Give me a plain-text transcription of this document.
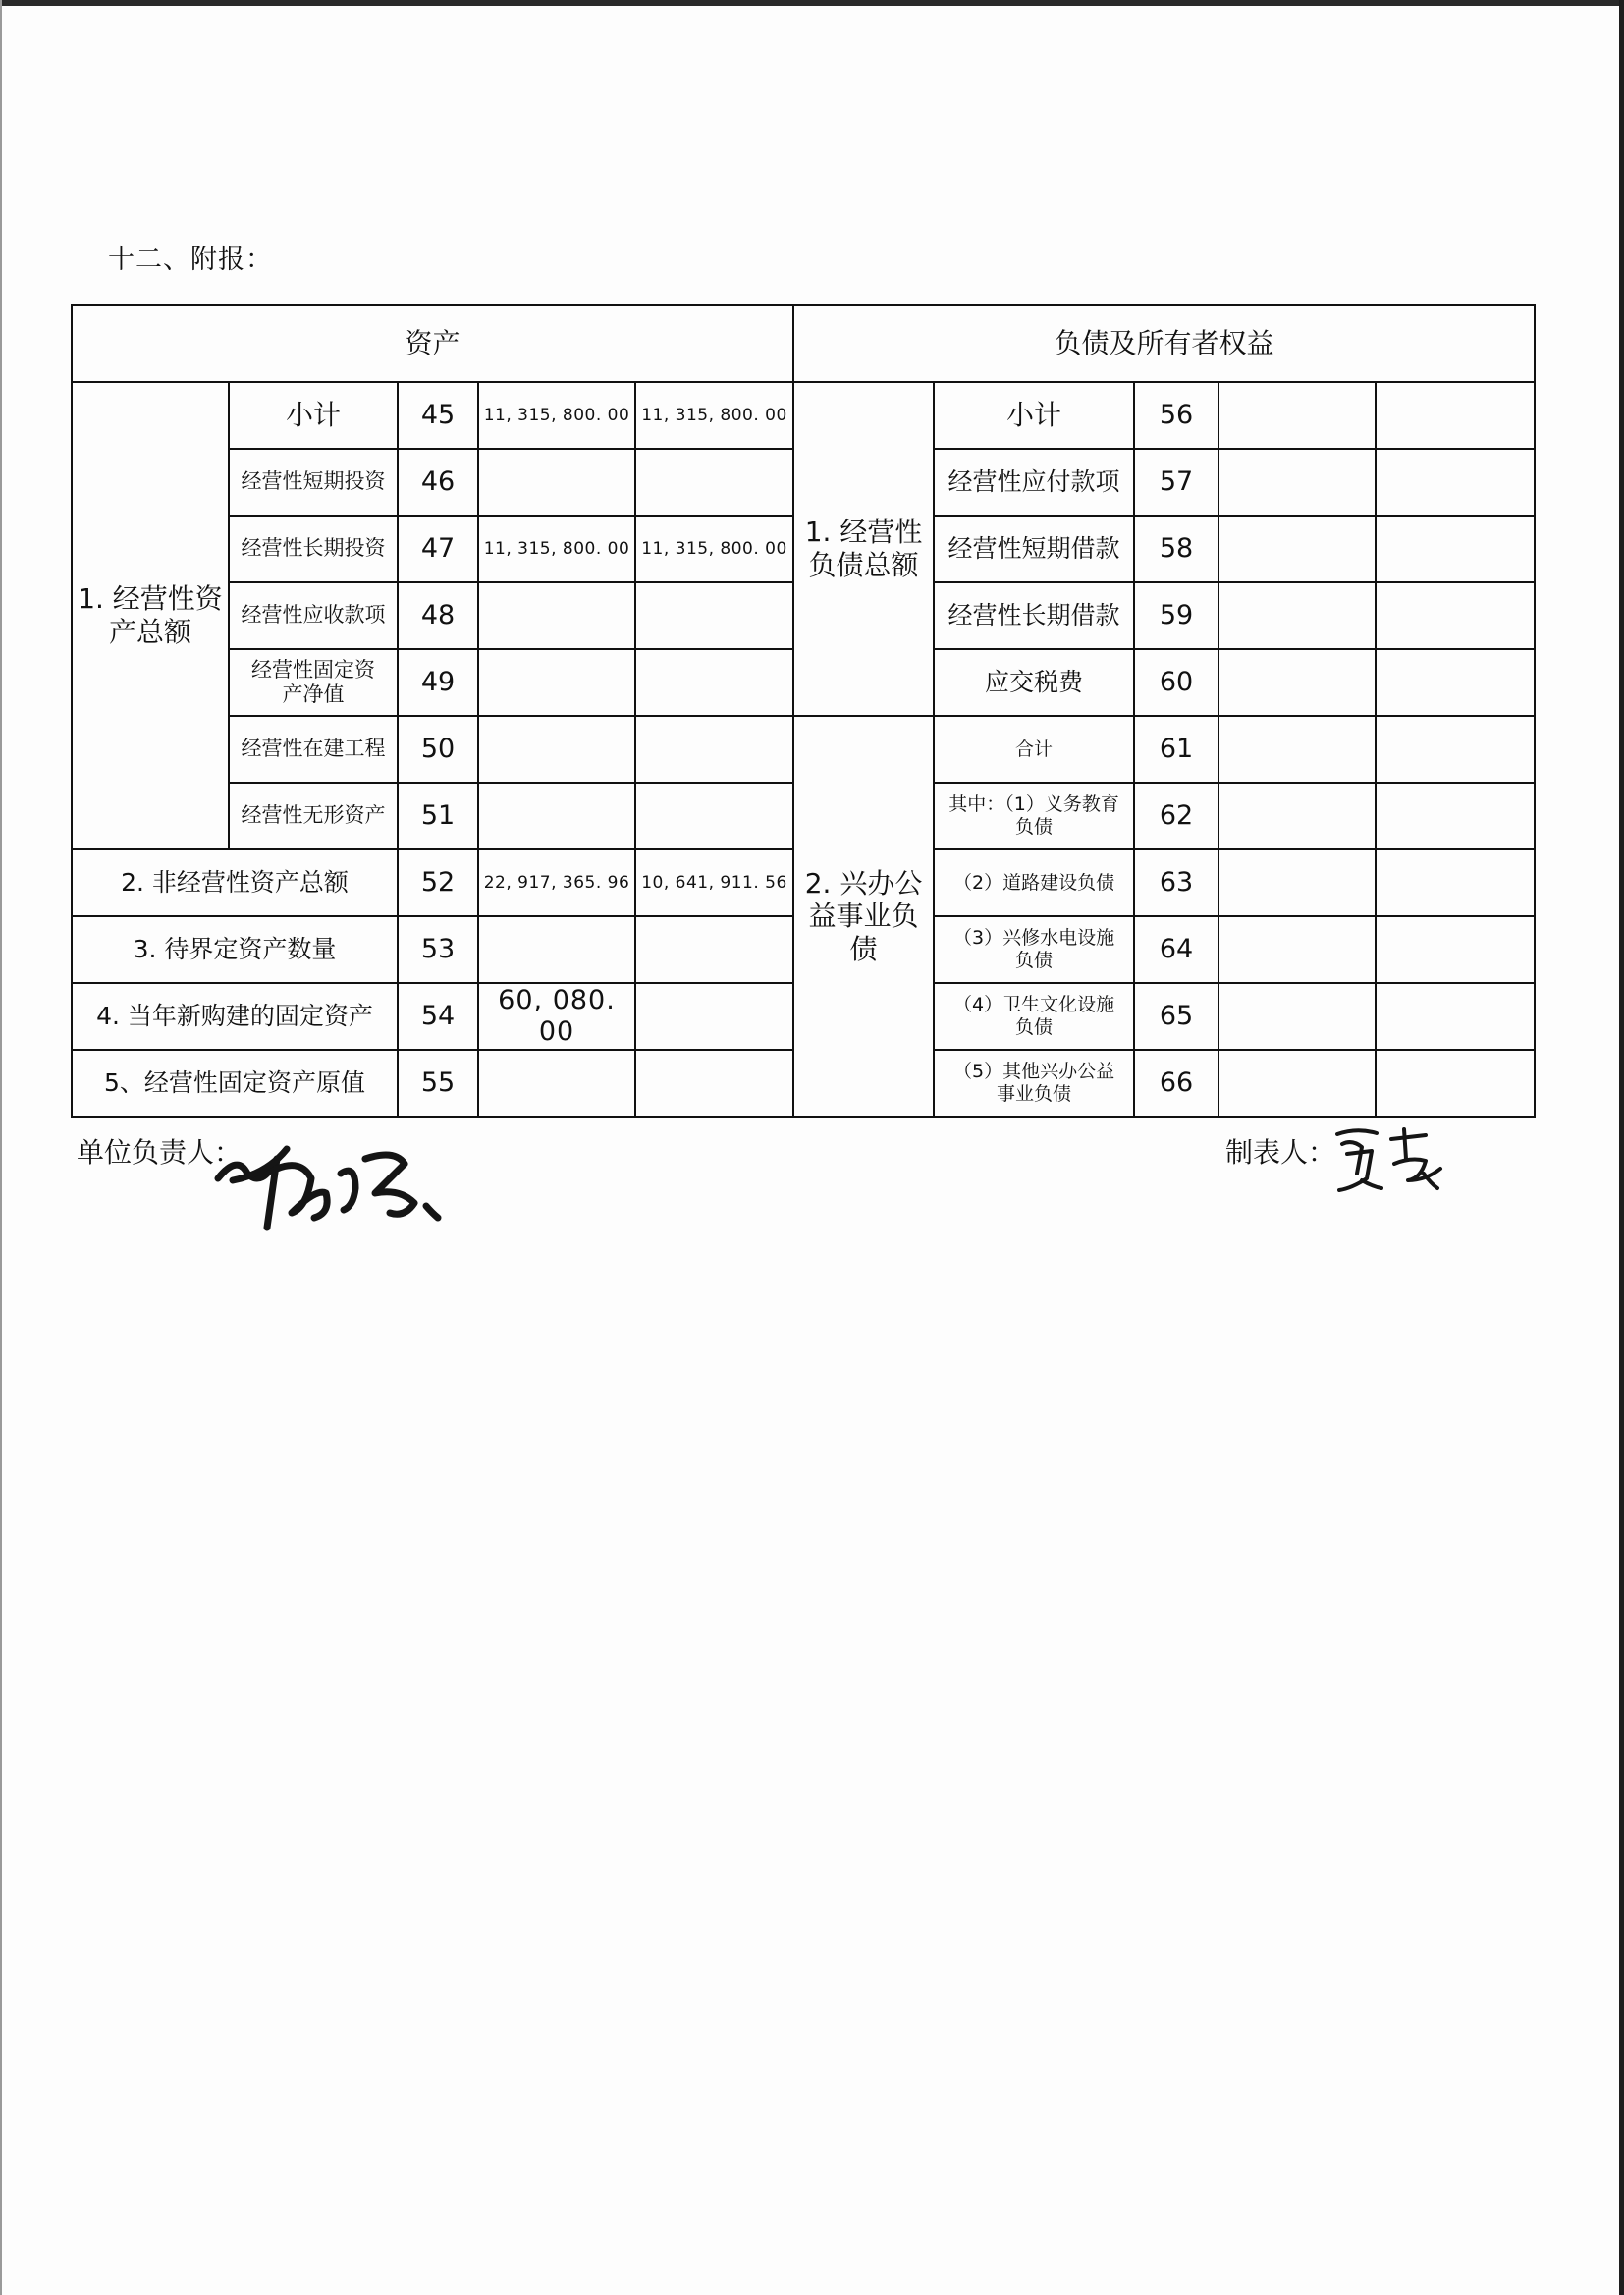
十二、附报：
资产					负债及所有者权益				
1. 经营性资产总额	小计	45	11, 315, 800. 00	11, 315, 800. 00	1. 经营性负债总额	小计	56		
	经营性短期投资	46				经营性应付款项	57		
	经营性长期投资	47	11, 315, 800. 00	11, 315, 800. 00		经营性短期借款	58		
	经营性应收款项	48				经营性长期借款	59		
	经营性固定资产净值	49				应交税费	60		
	经营性在建工程	50			2. 兴办公益事业负债	合计	61		
	经营性无形资产	51				其中：（1）义务教育负债	62		
2. 非经营性资产总额		52	22, 917, 365. 96	10, 641, 911. 56		（2）道路建设负债	63		
3. 待界定资产数量		53				（3）兴修水电设施负债	64		
4. 当年新购建的固定资产		54	60, 080. 00			（4）卫生文化设施负债	65		
5、经营性固定资产原值		55				（5）其他兴办公益事业负债	66		
单位负责人：	制表人：
